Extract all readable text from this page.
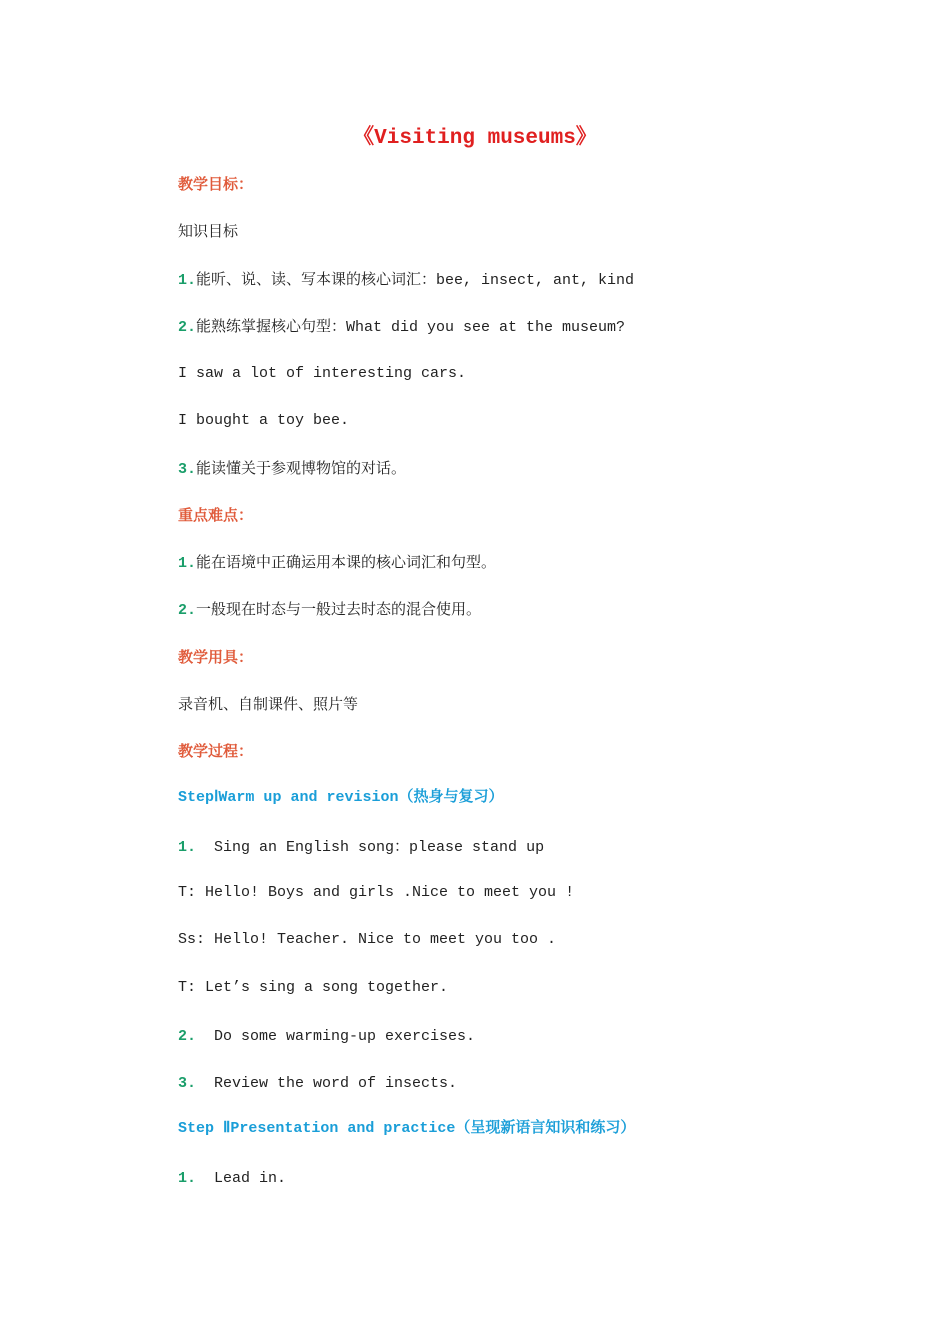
《Visiting museums》
教学目标：
知识目标
1.能听、说、读、写本课的核心词汇：bee, insect, ant, kind
2.能熟练掌握核心句型：What did you see at the museum?
I saw a lot of interesting cars.
I bought a toy bee.
3.能读懂关于参观博物馆的对话。
重点难点：
1.能在语境中正确运用本课的核心词汇和句型。
2.一般现在时态与一般过去时态的混合使用。
教学用具：
录音机、自制课件、照片等
教学过程：
StepⅠWarm up and revision（热身与复习）
1. Sing an English song：please stand up
T: Hello! Boys and girls .Nice to meet you !
Ss: Hello! Teacher. Nice to meet you too .
T: Let’s sing a song together.
2. Do some warming-up exercises.
3. Review the word of insects.
Step ⅡPresentation and practice（呈现新语言知识和练习）
1. Lead in.
